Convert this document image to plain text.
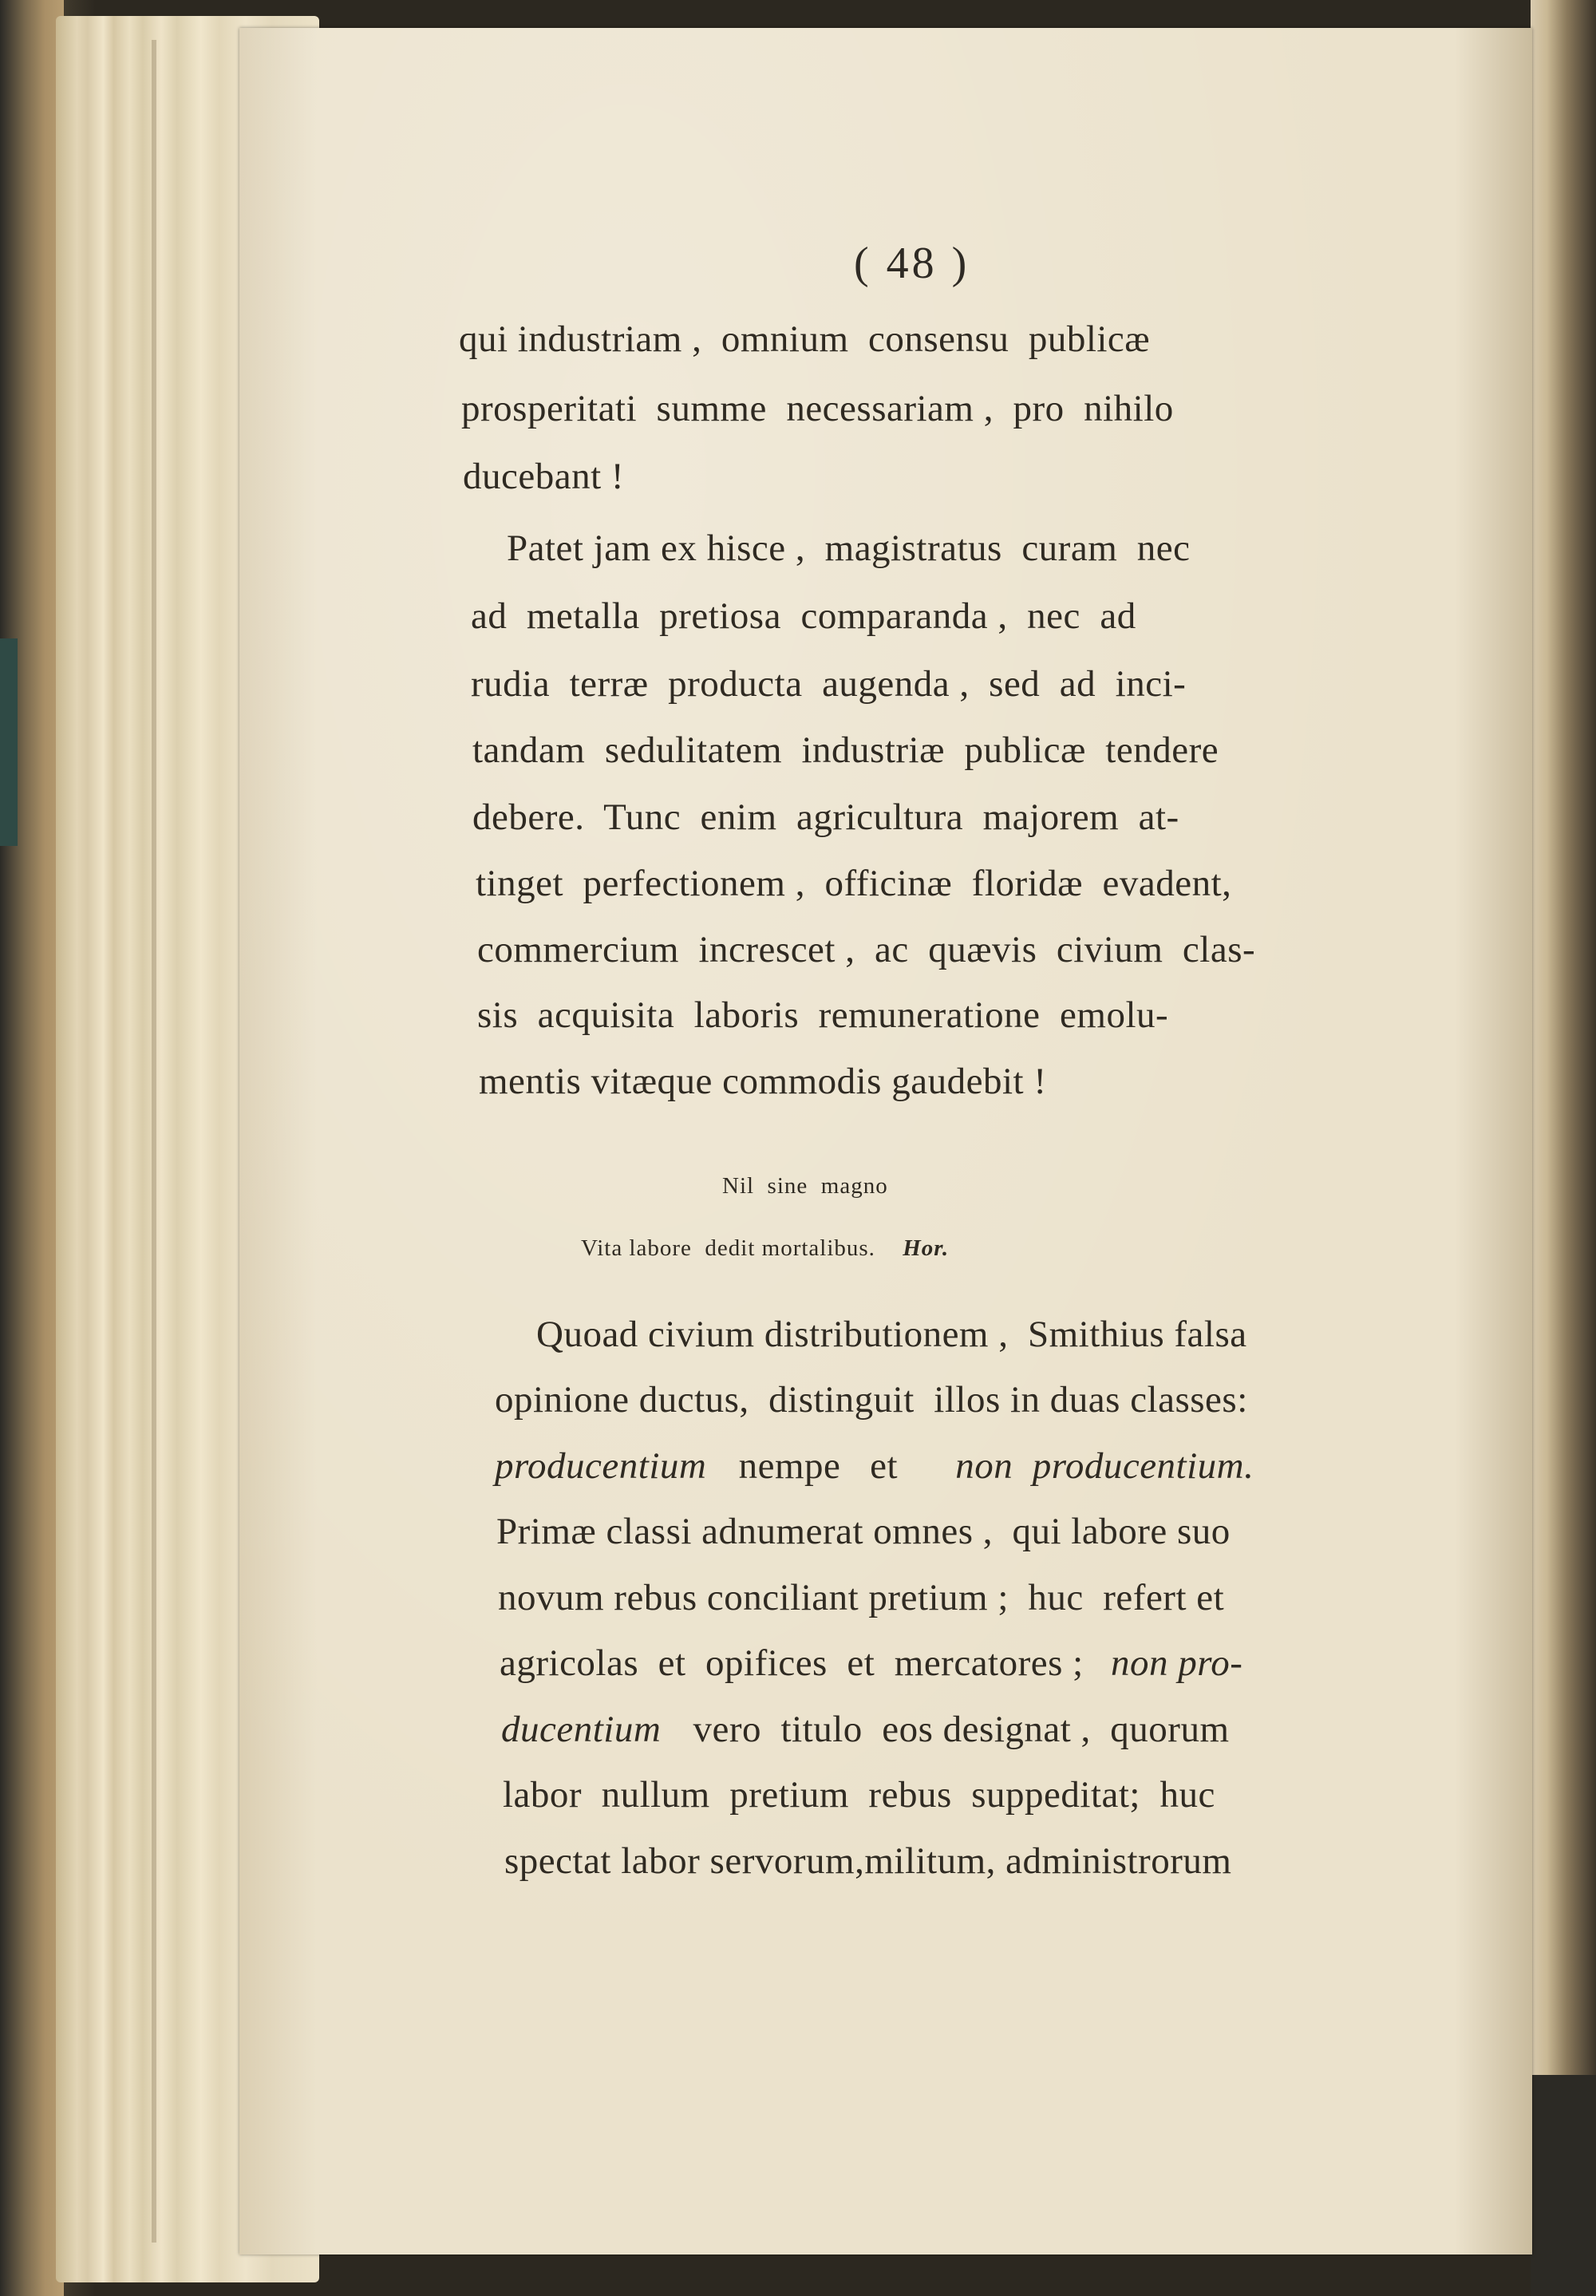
( 48 )
qui industriam ,  omnium  consensu  publicæ
prosperitati  summe  necessariam ,  pro  nihilo
ducebant !
Patet jam ex hisce ,  magistratus  curam  nec
ad  metalla  pretiosa  comparanda ,  nec  ad
rudia  terræ  producta  augenda ,  sed  ad  inci-
tandam  sedulitatem  industriæ  publicæ  tendere
debere.  Tunc  enim  agricultura  majorem  at-
tinget  perfectionem ,  officinæ  floridæ  evadent,
commercium  increscet ,  ac  quævis  civium  clas-
sis  acquisita  laboris  remuneratione  emolu-
mentis vitæque commodis gaudebit !
Nil  sine  magno
Vita labore  dedit mortalibus. Hor.
Quoad civium distributionem ,  Smithius falsa
opinione ductus,  distinguit  illos in duas classes:
producentium nempe   et non  producentium.
Primæ classi adnumerat omnes ,  qui labore suo
novum rebus conciliant pretium ;  huc  refert et
agricolas  et  opifices  et  mercatores ; non pro-
ducentium vero  titulo  eos designat ,  quorum
labor  nullum  pretium  rebus  suppeditat;  huc
spectat labor servorum,militum, administrorum
